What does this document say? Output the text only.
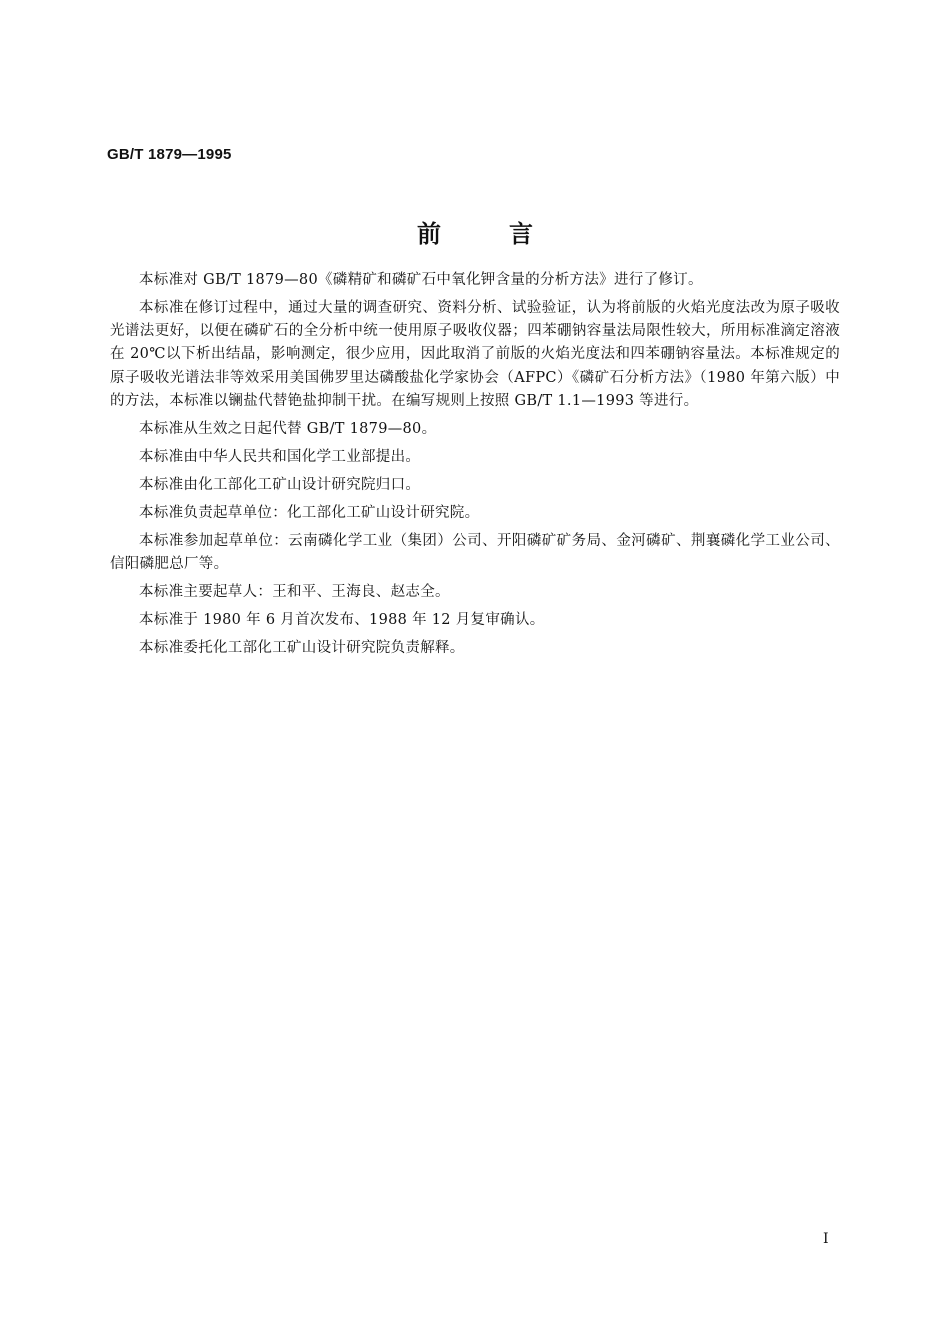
GB/T 1879—1995
前言

本标准对 GB/T 1879—80《磷精矿和磷矿石中氧化钾含量的分析方法》进行了修订。

本标准在修订过程中，通过大量的调查研究、资料分析、试验验证，认为将前版的火焰光度法改为原子吸收光谱法更好，以便在磷矿石的全分析中统一使用原子吸收仪器；四苯硼钠容量法局限性较大，所用标准滴定溶液在 20℃以下析出结晶，影响测定，很少应用，因此取消了前版的火焰光度法和四苯硼钠容量法。本标准规定的原子吸收光谱法非等效采用美国佛罗里达磷酸盐化学家协会（AFPC）《磷矿石分析方法》（1980 年第六版）中的方法，本标准以镧盐代替铯盐抑制干扰。在编写规则上按照 GB/T 1.1—1993 等进行。

本标准从生效之日起代替 GB/T 1879—80。

本标准由中华人民共和国化学工业部提出。

本标准由化工部化工矿山设计研究院归口。

本标准负责起草单位：化工部化工矿山设计研究院。

本标准参加起草单位：云南磷化学工业（集团）公司、开阳磷矿矿务局、金河磷矿、荆襄磷化学工业公司、信阳磷肥总厂等。

本标准主要起草人：王和平、王海良、赵志全。

本标准于 1980 年 6 月首次发布、1988 年 12 月复审确认。

本标准委托化工部化工矿山设计研究院负责解释。

I
